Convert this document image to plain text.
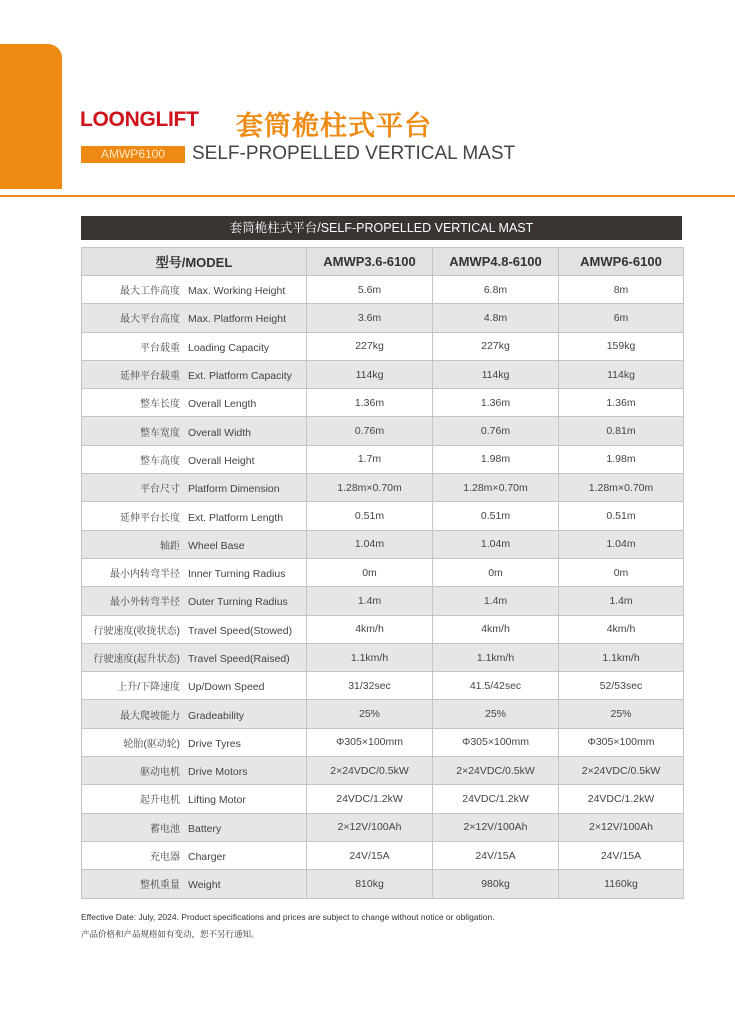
LOONGLIFT 套筒桅柱式平台
AMWP6100	SELF-PROPELLED VERTICAL MAST
套筒桅柱式平台/SELF-PROPELLED VERTICAL MAST
型号/MODEL	AMWP3.6-6100	AMWP4.8-6100	AMWP6-6100
最大工作高度 Max. Working Height	5.6m	6.8m	8m
最大平台高度 Max. Platform Height	3.6m	4.8m	6m
平台载重 Loading Capacity	227kg	227kg	159kg
延伸平台载重 Ext. Platform Capacity	114kg	114kg	114kg
整车长度 Overall Length	1.36m	1.36m	1.36m
整车宽度 Overall Width	0.76m	0.76m	0.81m
整车高度 Overall Height	1.7m	1.98m	1.98m
平台尺寸 Platform Dimension	1.28m×0.70m	1.28m×0.70m	1.28m×0.70m
延伸平台长度 Ext. Platform Length	0.51m	0.51m	0.51m
轴距 Wheel Base	1.04m	1.04m	1.04m
最小内转弯半径 Inner Turning Radius	0m	0m	0m
最小外转弯半径 Outer Turning Radius	1.4m	1.4m	1.4m
行驶速度(收拢状态) Travel Speed(Stowed)	4km/h	4km/h	4km/h
行驶速度(起升状态) Travel Speed(Raised)	1.1km/h	1.1km/h	1.1km/h
上升/下降速度 Up/Down Speed	31/32sec	41.5/42sec	52/53sec
最大爬坡能力 Gradeability	25%	25%	25%
轮胎(驱动轮) Drive Tyres	Φ305×100mm	Φ305×100mm	Φ305×100mm
驱动电机 Drive Motors	2×24VDC/0.5kW	2×24VDC/0.5kW	2×24VDC/0.5kW
起升电机 Lifting Motor	24VDC/1.2kW	24VDC/1.2kW	24VDC/1.2kW
蓄电池 Battery	2×12V/100Ah	2×12V/100Ah	2×12V/100Ah
充电器 Charger	24V/15A	24V/15A	24V/15A
整机重量 Weight	810kg	980kg	1160kg
Effective Date: July, 2024. Product specifications and prices are subject to change without notice or obligation.
产品价格和产品规格如有变动，恕不另行通知。
